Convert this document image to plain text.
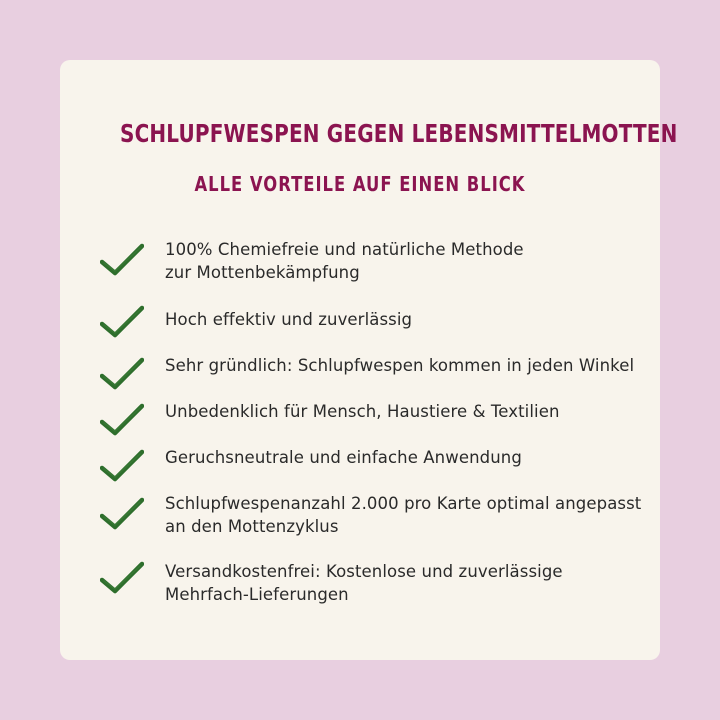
SCHLUPFWESPEN GEGEN LEBENSMITTELMOTTEN
ALLE VORTEILE AUF EINEN BLICK
100% Chemiefreie und natürliche Methode
zur Mottenbekämpfung
Hoch effektiv und zuverlässig
Sehr gründlich: Schlupfwespen kommen in jeden Winkel
Unbedenklich für Mensch, Haustiere & Textilien
Geruchsneutrale und einfache Anwendung
Schlupfwespenanzahl 2.000 pro Karte optimal angepasst
an den Mottenzyklus
Versandkostenfrei: Kostenlose und zuverlässige
Mehrfach-Lieferungen
